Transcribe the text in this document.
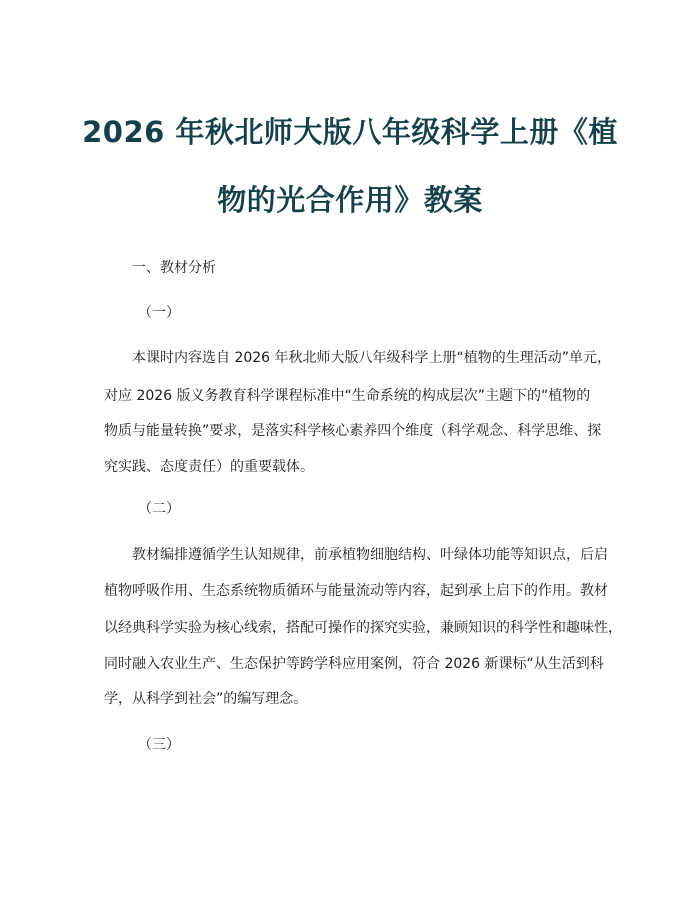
2026 年秋北师大版八年级科学上册《植
物的光合作用》教案
一、教材分析
（一）
本课时内容选自 2026 年秋北师大版八年级科学上册“植物的生理活动”单元，
对应 2026 版义务教育科学课程标准中“生命系统的构成层次”主题下的“植物的
物质与能量转换”要求，是落实科学核心素养四个维度（科学观念、科学思维、探
究实践、态度责任）的重要载体。
（二）
教材编排遵循学生认知规律，前承植物细胞结构、叶绿体功能等知识点，后启
植物呼吸作用、生态系统物质循环与能量流动等内容，起到承上启下的作用。教材
以经典科学实验为核心线索，搭配可操作的探究实验，兼顾知识的科学性和趣味性，
同时融入农业生产、生态保护等跨学科应用案例，符合 2026 新课标“从生活到科
学，从科学到社会”的编写理念。
（三）
